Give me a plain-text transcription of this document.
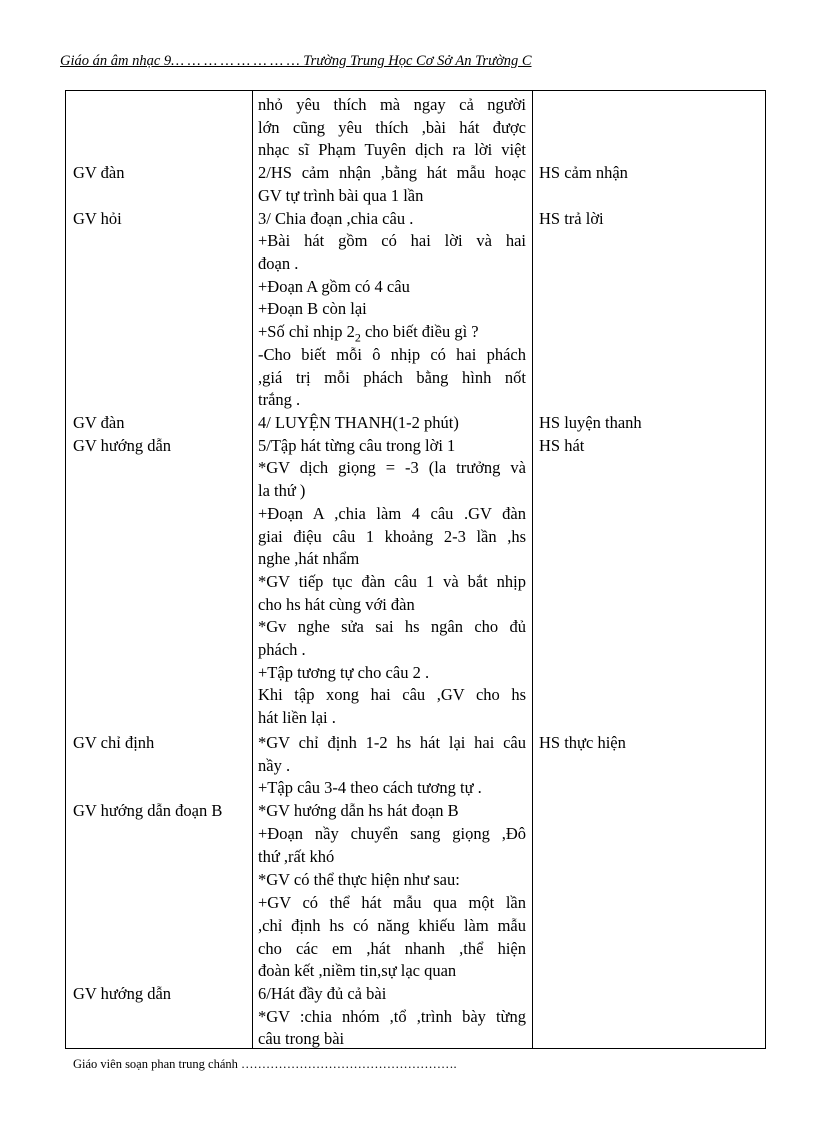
Giáo án âm nhạc 9… … … … … … … … Trường Trung Học Cơ Sở An Trường C
GV đàn
GV hỏi
GV đàn
GV hướng dẫn
GV chỉ định
GV hướng dẫn đoạn B
GV hướng dẫn
nhỏ yêu thích mà ngay cả người
lớn cũng yêu thích ,bài hát được
nhạc sĩ Phạm Tuyên dịch ra lời việt
2/HS cảm nhận ,bằng hát mẫu hoạc
GV tự trình bài qua 1 lần
3/ Chia đoạn ,chia câu .
+Bài hát gồm có hai lời và hai
đoạn .
+Đoạn A gồm có 4 câu
+Đoạn B còn lại
+Số chỉ nhịp $2_2$ cho biết điều gì ?
-Cho biết mỗi ô nhịp có hai phách
,giá trị mỗi phách bằng hình nốt
trắng .
4/ LUYỆN THANH(1-2 phút)
5/Tập hát từng câu trong lời 1
*GV dịch giọng = -3 (la trưởng và
la thứ )
+Đoạn A ,chia làm 4 câu .GV đàn
giai điệu câu 1 khoảng 2-3 lần ,hs
nghe ,hát nhẩm
*GV tiếp tục đàn câu 1 và bắt nhịp
cho hs hát cùng với đàn
*Gv nghe sửa sai hs ngân cho đủ
phách .
+Tập tương tự cho câu 2 .
Khi tập xong hai câu ,GV cho hs
hát liền lại .
*GV chỉ định 1-2 hs hát lại hai câu
nầy .
+Tập câu 3-4 theo cách tương tự .
*GV hướng dẫn hs hát đoạn B
+Đoạn nầy chuyển sang giọng ,Đô
thứ ,rất khó
*GV có thể thực hiện như sau:
+GV có thể hát mẫu qua một lần
,chỉ định hs có năng khiếu làm mẫu
cho các em ,hát nhanh ,thể hiện
đoàn kết ,niềm tin,sự lạc quan
6/Hát đầy đủ cả bài
*GV :chia nhóm ,tổ ,trình bày từng
câu trong bài
HS cảm nhận
HS trả lời
HS luyện thanh
HS hát
HS thực hiện
Giáo viên soạn phan trung chánh …………………………………………….
